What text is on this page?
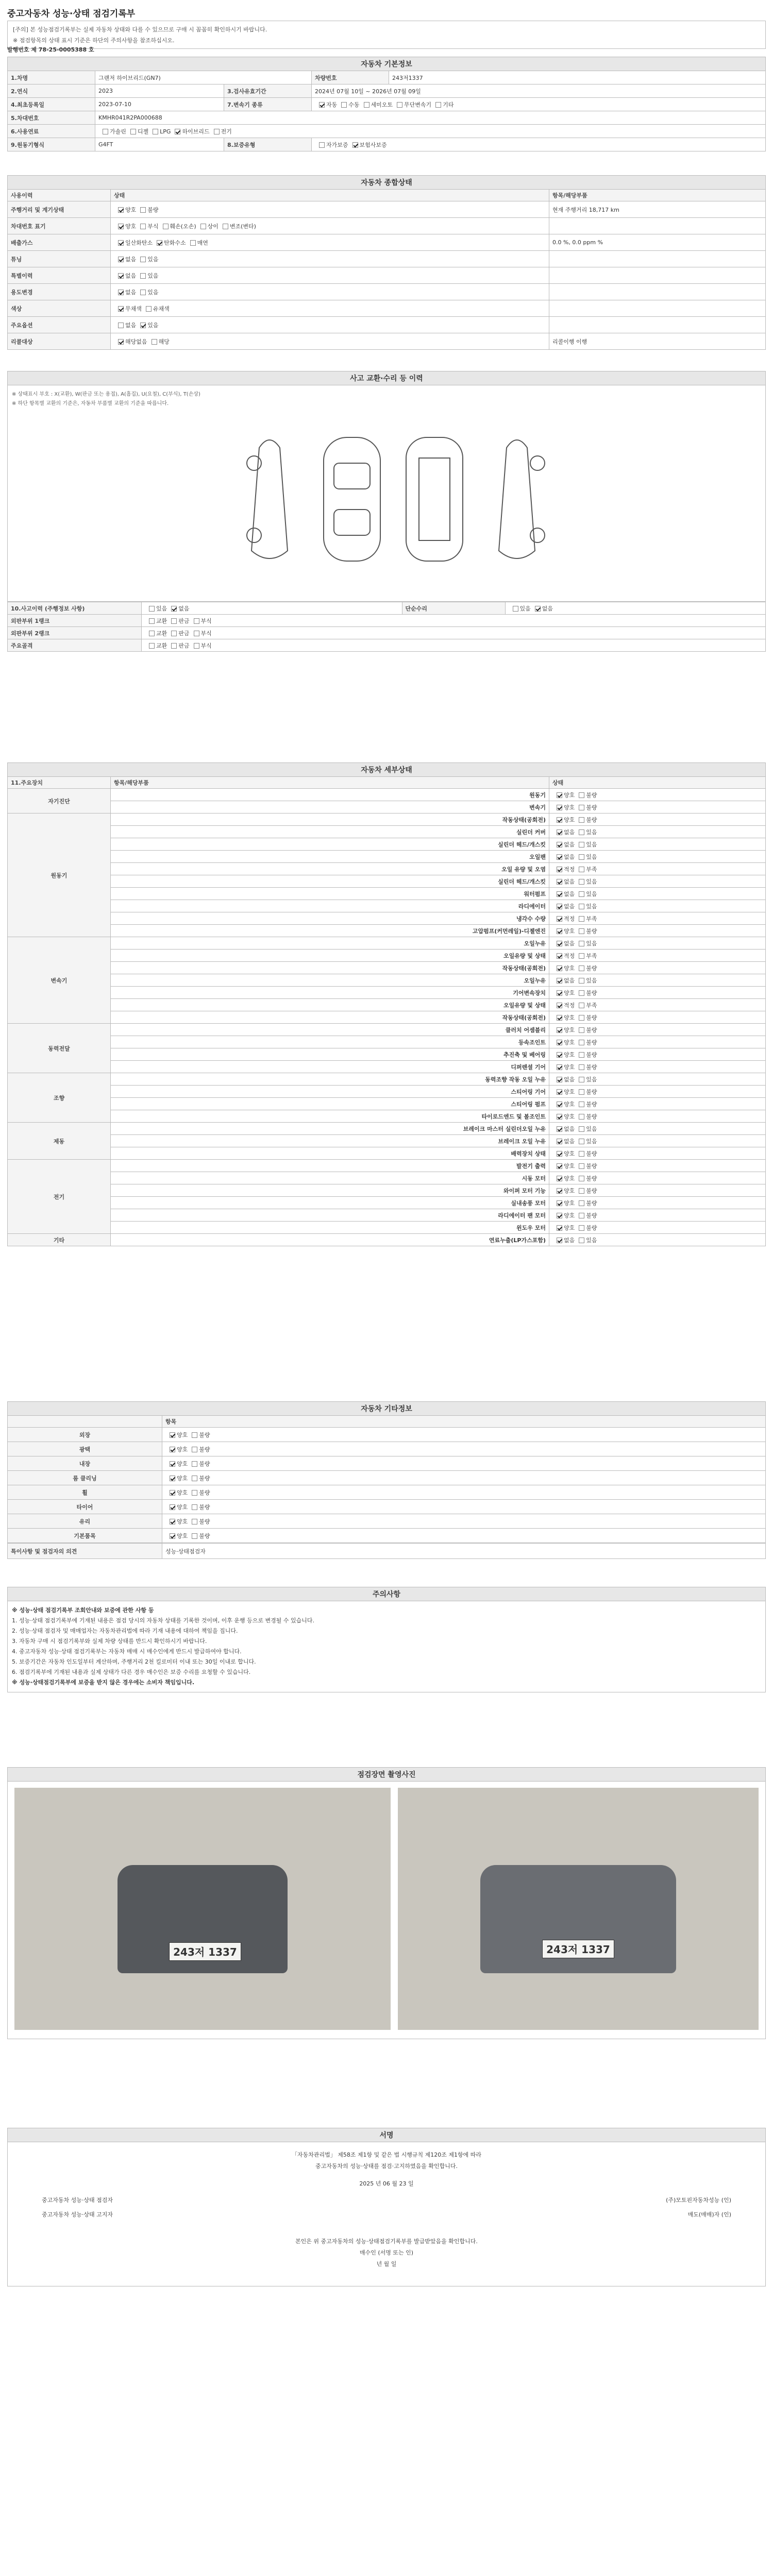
중고자동차 성능·상태 점검기록부
[주의] 본 성능점검기록부는 실제 자동차 상태와 다를 수 있으므로 구매 시 꼼꼼히 확인하시기 바랍니다.
※ 점검항목의 상태 표시 기준은 하단의 주의사항을 참조하십시오.
발행번호 제 78-25-0005388 호
자동차 기본정보				
1.차명	그랜저 하이브리드(GN7)		차량번호	243저1337
2.연식	2023	3.검사유효기간	2024년 07월 10일 ~ 2026년 07월 09일	
4.최초등록일	2023-07-10	7.변속기 종류	자동 수동 세미오토 무단변속기 기타	
5.차대번호	KMHR041R2PA000688			
6.사용연료	가솔린 디젤 LPG 하이브리드 전기			
9.원동기형식	G4FT	8.보증유형	자가보증 보험사보증	
자동차 종합상태		
사용이력	상태	항목/해당부품
주행거리 및 계기상태	양호 불량	현재 주행거리 18,717 km
차대번호 표기	양호 부식 훼손(오손) 상이 변조(변타)	
배출가스	일산화탄소 탄화수소 매연	0.0 %, 0.0 ppm %
튜닝	없음 있음	
특별이력	없음 있음	
용도변경	없음 있음	
색상	무채색 유채색	
주요옵션	없음 있음	
리콜대상	해당없음 해당	리콜이행 이행
사고 교환·수리 등 이력

※ 상태표시 부호 : X(교환), W(판금 또는 용접), A(흠집), U(요철), C(부식), T(손상)
※ 하단 항목별 교환의 기준은, 자동차 부품별 교환의 기준을 따릅니다.
10.사고이력 (주행정보 사항)	있음 없음	단순수리	있음 없음
외판부위 1랭크	교환 판금 부식		
외판부위 2랭크	교환 판금 부식		
주요골격	교환 판금 부식		
자동차 세부상태		
11.주요장치	항목/해당부품	상태
자기진단	원동기	양호 불량
	변속기	양호 불량
원동기	작동상태(공회전)	양호 불량
	실린더 커버	없음 있음
	실린더 헤드/개스킷	없음 있음
	오일팬	없음 있음
	오일 유량 및 오염	적정 부족
	실린더 헤드/개스킷	없음 있음
	워터펌프	없음 있음
	라디에이터	없음 있음
	냉각수 수량	적정 부족
	고압펌프(커먼레일)-디젤엔진	양호 불량
변속기	오일누유	없음 있음
	오일유량 및 상태	적정 부족
	작동상태(공회전)	양호 불량
	오일누유	없음 있음
	기어변속장치	양호 불량
	오일유량 및 상태	적정 부족
	작동상태(공회전)	양호 불량
동력전달	클러치 어셈블리	양호 불량
	등속조인트	양호 불량
	추진축 및 베어링	양호 불량
	디퍼렌셜 기어	양호 불량
조향	동력조향 작동 오일 누유	없음 있음
	스티어링 기어	양호 불량
	스티어링 펌프	양호 불량
	타이로드엔드 및 볼조인트	양호 불량
제동	브레이크 마스터 실린더오일 누유	없음 있음
	브레이크 오일 누유	없음 있음
	배력장치 상태	양호 불량
전기	발전기 출력	양호 불량
	시동 모터	양호 불량
	와이퍼 모터 기능	양호 불량
	실내송풍 모터	양호 불량
	라디에이터 팬 모터	양호 불량
	윈도우 모터	양호 불량
기타	연료누출(LP가스포함)	없음 있음
자동차 기타정보	
	항목
외장	양호 불량
광택	양호 불량
내장	양호 불량
룸 클리닝	양호 불량
휠	양호 불량
타이어	양호 불량
유리	양호 불량
기본품목	양호 불량
특이사항 및 점검자의 의견	성능·상태점검자
주의사항

※ 성능·상태 점검기록부 조회안내와 보증에 관한 사항 등
1. 성능·상태 점검기록부에 기재된 내용은 점검 당시의 자동차 상태를 기록한 것이며, 이후 운행 등으로 변경될 수 있습니다.
2. 성능·상태 점검자 및 매매업자는 자동차관리법에 따라 기재 내용에 대하여 책임을 집니다.
3. 자동차 구매 시 점검기록부와 실제 차량 상태를 반드시 확인하시기 바랍니다.
4. 중고자동차 성능·상태 점검기록부는 자동차 매매 시 매수인에게 반드시 발급하여야 합니다.
5. 보증기간은 자동차 인도일부터 계산하며, 주행거리 2천 킬로미터 이내 또는 30일 이내로 합니다.
6. 점검기록부에 기재된 내용과 실제 상태가 다른 경우 매수인은 보증 수리를 요청할 수 있습니다.
※ 성능·상태점검기록부에 보증을 받지 않은 경우에는 소비자 책임입니다.
점검장면 촬영사진

243저 1337	243저 1337
서명

「자동차관리법」 제58조 제1항 및 같은 법 시행규칙 제120조 제1항에 따라
중고자동차의 성능·상태를 점검·고지하였음을 확인합니다.
2025 년 06 월 23 일
중고자동차 성능·상태 점검자	(주)모토핀자동차성능 (인)
중고자동차 성능·상태 고지자	매도(매매)자 (인)
본인은 위 중고자동차의 성능·상태점검기록부를 발급받았음을 확인합니다.
매수인 (서명 또는 인)
년 월 일
